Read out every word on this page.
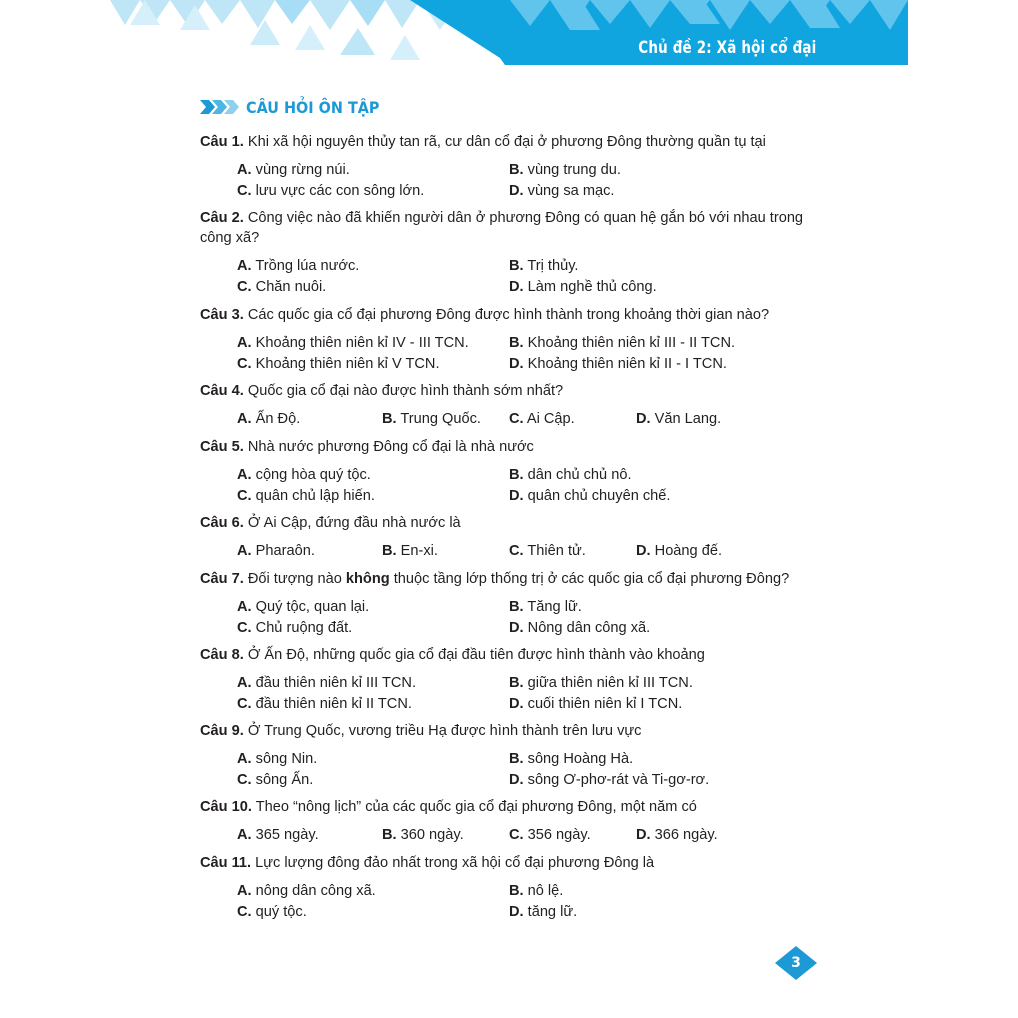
Chủ đề 2: Xã hội cổ đại
CÂU HỎI ÔN TẬP
Câu 1. Khi xã hội nguyên thủy tan rã, cư dân cổ đại ở phương Đông thường quần tụ tại
A. vùng rừng núi.	B. vùng trung du.
C. lưu vực các con sông lớn.	D. vùng sa mạc.
Câu 2. Công việc nào đã khiến người dân ở phương Đông có quan hệ gắn bó với nhau trong công xã?
A. Trồng lúa nước.	B. Trị thủy.
C. Chăn nuôi.	D. Làm nghề thủ công.
Câu 3. Các quốc gia cổ đại phương Đông được hình thành trong khoảng thời gian nào?
A. Khoảng thiên niên kỉ IV - III TCN.	B. Khoảng thiên niên kỉ III - II TCN.
C. Khoảng thiên niên kỉ V TCN.	D. Khoảng thiên niên kỉ II - I TCN.
Câu 4. Quốc gia cổ đại nào được hình thành sớm nhất?
A. Ấn Độ.	B. Trung Quốc. C. Ai Cập.	D. Văn Lang.
Câu 5. Nhà nước phương Đông cổ đại là nhà nước
A. cộng hòa quý tộc.	B. dân chủ chủ nô.
C. quân chủ lập hiến.	D. quân chủ chuyên chế.
Câu 6. Ở Ai Cập, đứng đầu nhà nước là
A. Pharaôn.	B. En-xi.	C. Thiên tử.	D. Hoàng đế.
Câu 7. Đối tượng nào không thuộc tầng lớp thống trị ở các quốc gia cổ đại phương Đông?
A. Quý tộc, quan lại.	B. Tăng lữ.
C. Chủ ruộng đất.	D. Nông dân công xã.
Câu 8. Ở Ấn Độ, những quốc gia cổ đại đầu tiên được hình thành vào khoảng
A. đầu thiên niên kỉ III TCN.	B. giữa thiên niên kỉ III TCN.
C. đầu thiên niên kỉ II TCN.	D. cuối thiên niên kỉ I TCN.
Câu 9. Ở Trung Quốc, vương triều Hạ được hình thành trên lưu vực
A. sông Nin.	B. sông Hoàng Hà.
C. sông Ấn.	D. sông Ơ-phơ-rát và Ti-gơ-rơ.
Câu 10. Theo “nông lịch” của các quốc gia cổ đại phương Đông, một năm có
A. 365 ngày.	B. 360 ngày.	C. 356 ngày.	D. 366 ngày.
Câu 11. Lực lượng đông đảo nhất trong xã hội cổ đại phương Đông là
A. nông dân công xã.	B. nô lệ.
C. quý tộc.	D. tăng lữ.
3
